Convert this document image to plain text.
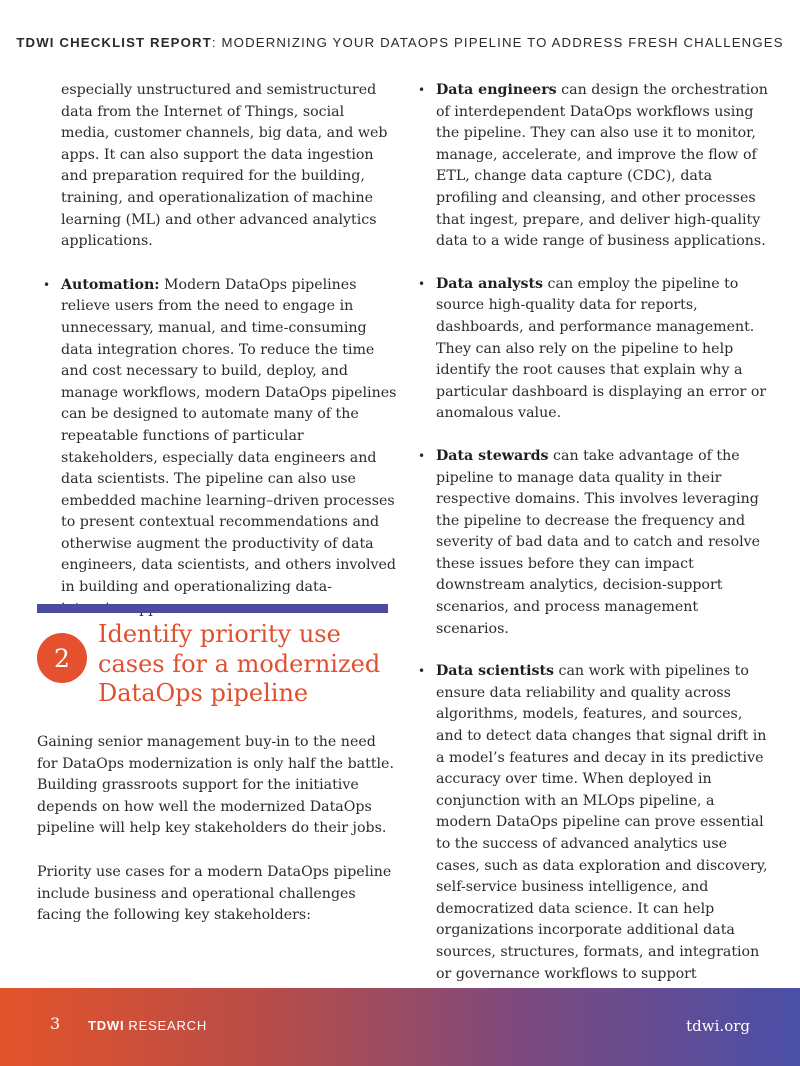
TDWI CHECKLIST REPORT: MODERNIZING YOUR DATAOPS PIPELINE TO ADDRESS FRESH CHALLENGES

especially unstructured and semistructured data from the Internet of Things, social media, customer channels, big data, and web apps. It can also support the data ingestion and preparation required for the building, training, and operationalization of machine learning (ML) and other advanced analytics applications.

• Automation: Modern DataOps pipelines relieve users from the need to engage in unnecessary, manual, and time-consuming data integration chores. To reduce the time and cost necessary to build, deploy, and manage workflows, modern DataOps pipelines can be designed to automate many of the repeatable functions of particular stakeholders, especially data engineers and data scientists. The pipeline can also use embedded machine learning–driven processes to present contextual recommendations and otherwise augment the productivity of data engineers, data scientists, and others involved in building and operationalizing data-
2
Identify priority use cases for a modernized DataOps pipeline

Gaining senior management buy-in to the need for DataOps modernization is only half the battle. Building grassroots support for the initiative depends on how well the modernized DataOps pipeline will help key stakeholders do their jobs.

Priority use cases for a modern DataOps pipeline include business and operational challenges facing the following key stakeholders:

• Data engineers can design the orchestration of interdependent DataOps workflows using the pipeline. They can also use it to monitor, manage, accelerate, and improve the flow of ETL, change data capture (CDC), data profiling and cleansing, and other processes that ingest, prepare, and deliver high-quality data to a wide range of business applications.
• Data analysts can employ the pipeline to source high-quality data for reports, dashboards, and performance management. They can also rely on the pipeline to help identify the root causes that explain why a particular dashboard is displaying an error or anomalous value.
• Data stewards can take advantage of the pipeline to manage data quality in their respective domains. This involves leveraging the pipeline to decrease the frequency and severity of bad data and to catch and resolve these issues before they can impact downstream analytics, decision-support scenarios, and process management scenarios.
• Data scientists can work with pipelines to ensure data reliability and quality across algorithms, models, features, and sources, and to detect data changes that signal drift in a model’s features and decay in its predictive accuracy over time. When deployed in conjunction with an MLOps pipeline, a modern DataOps pipeline can prove essential to the success of advanced analytics use cases, such as data exploration and discovery, self-service business intelligence, and democratized data science. It can help organizations incorporate additional data sources, structures, formats, and integration or governance workflows to support
3 TDWI RESEARCH	tdwi.org
